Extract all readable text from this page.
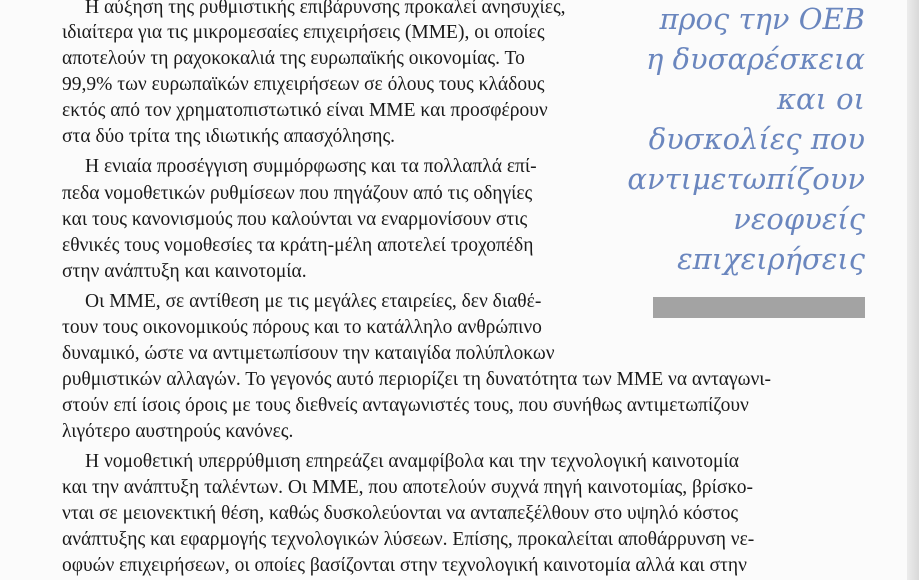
Η αύξηση της ρυθμιστικής επιβάρυνσης προκαλεί ανησυχίες,
ιδιαίτερα για τις μικρομεσαίες επιχειρήσεις (ΜΜΕ), οι οποίες
αποτελούν τη ραχοκοκαλιά της ευρωπαϊκής οικονομίας. Το
99,9% των ευρωπαϊκών επιχειρήσεων σε όλους τους κλάδους
εκτός από τον χρηματοπιστωτικό είναι ΜΜΕ και προσφέρουν
στα δύο τρίτα της ιδιωτικής απασχόλησης.
Η ενιαία προσέγγιση συμμόρφωσης και τα πολλαπλά επί-
πεδα νομοθετικών ρυθμίσεων που πηγάζουν από τις οδηγίες
και τους κανονισμούς που καλούνται να εναρμονίσουν στις
εθνικές τους νομοθεσίες τα κράτη-μέλη αποτελεί τροχοπέδη
στην ανάπτυξη και καινοτομία.
Οι ΜΜΕ, σε αντίθεση με τις μεγάλες εταιρείες, δεν διαθέ-
τουν τους οικονομικούς πόρους και το κατάλληλο ανθρώπινο
δυναμικό, ώστε να αντιμετωπίσουν την καταιγίδα πολύπλοκων
ρυθμιστικών αλλαγών. Το γεγονός αυτό περιορίζει τη δυνατότητα των ΜΜΕ να ανταγωνι-
στούν επί ίσοις όροις με τους διεθνείς ανταγωνιστές τους, που συνήθως αντιμετωπίζουν
λιγότερο αυστηρούς κανόνες.
Η νομοθετική υπερρύθμιση επηρεάζει αναμφίβολα και την τεχνολογική καινοτομία
και την ανάπτυξη ταλέντων. Οι ΜΜΕ, που αποτελούν συχνά πηγή καινοτομίας, βρίσκο-
νται σε μειονεκτική θέση, καθώς δυσκολεύονται να ανταπεξέλθουν στο υψηλό κόστος
ανάπτυξης και εφαρμογής τεχνολογικών λύσεων. Επίσης, προκαλείται αποθάρρυνση νε-
οφυών επιχειρήσεων, οι οποίες βασίζονται στην τεχνολογική καινοτομία αλλά και στην
προς την ΟΕΒ
η δυσαρέσκεια
και οι
δυσκολίες που
αντιμετωπίζουν
νεοφυείς
επιχειρήσεις
